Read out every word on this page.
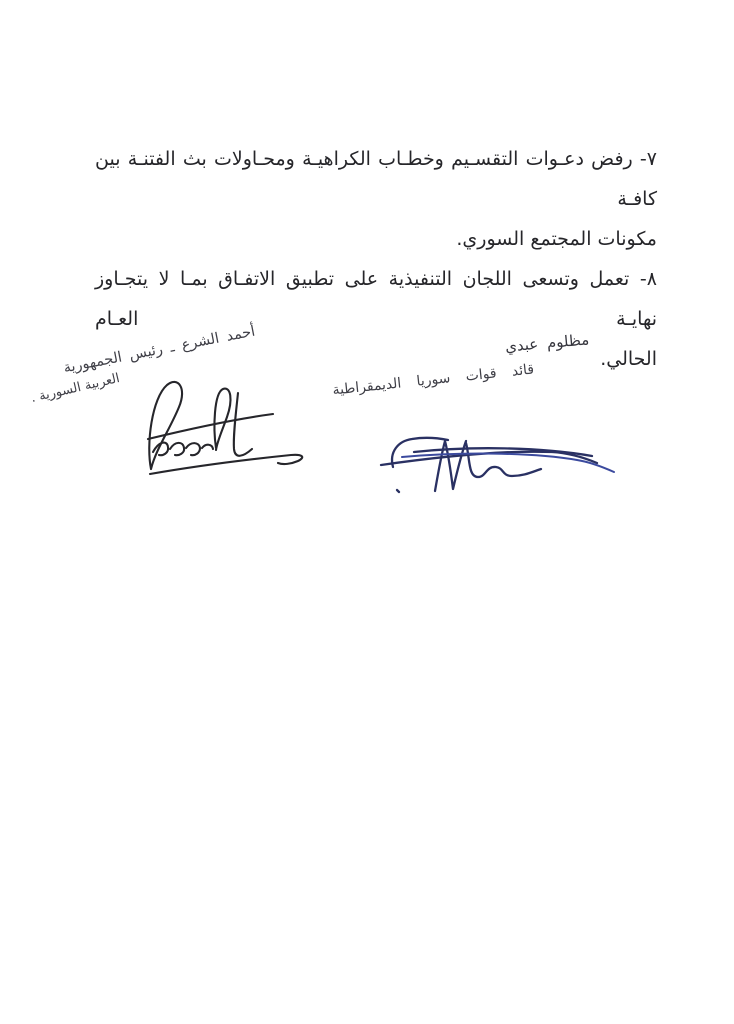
٧- رفض دعـوات التقسـيم وخطـاب الكراهيـة ومحـاولات بث الفتنـة بين كافـة

مكونات المجتمع السوري.

٨- تعمل وتسعى اللجان التنفيذية على تطبيق الاتفـاق بمـا لا يتجـاوز نهايـة العـام

الحالي.

أحمد الشرع ـ رئيس الجمهورية
العربية السورية .
مظلوم عبدي
قائد قوات سوريا الديمقراطية
